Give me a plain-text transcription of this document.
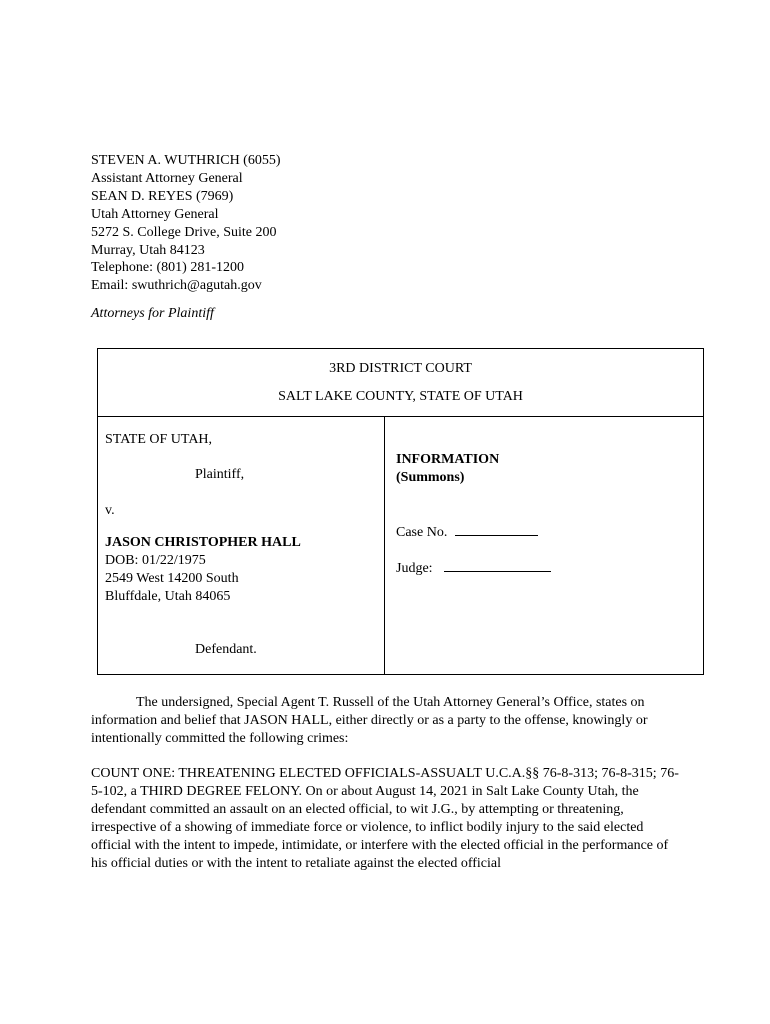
STEVEN A. WUTHRICH (6055)
Assistant Attorney General
SEAN D. REYES (7969)
Utah Attorney General
5272 S. College Drive, Suite 200
Murray, Utah 84123
Telephone: (801) 281-1200
Email: swuthrich@agutah.gov
Attorneys for Plaintiff
3RD DISTRICT COURT
SALT LAKE COUNTY, STATE OF UTAH
STATE OF UTAH,
Plaintiff,
v.
JASON CHRISTOPHER HALL
DOB: 01/22/1975
2549 West 14200 South
Bluffdale, Utah 84065
Defendant.
INFORMATION
(Summons)
Case No.
Judge:
The undersigned, Special Agent T. Russell of the Utah Attorney General’s Office, states on information and belief that JASON HALL, either directly or as a party to the offense, knowingly or intentionally committed the following crimes:
COUNT ONE: THREATENING ELECTED OFFICIALS-ASSUALT U.C.A.§§ 76-8-313; 76-8-315; 76-5-102, a THIRD DEGREE FELONY. On or about August 14, 2021 in Salt Lake County Utah, the defendant committed an assault on an elected official, to wit J.G., by attempting or threatening, irrespective of a showing of immediate force or violence, to inflict bodily injury to the said elected official with the intent to impede, intimidate, or interfere with the elected official in the performance of his official duties or with the intent to retaliate against the elected official
